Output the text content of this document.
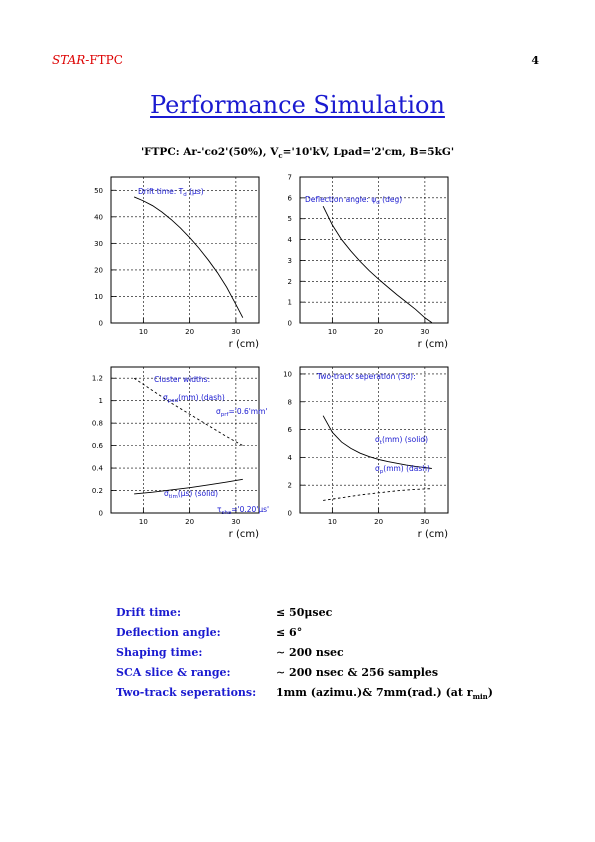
STAR-FTPC	4
Performance Simulation
'FTPC: Ar-'co2'(50%), $V_c='10'kV$, Lpad='2'cm, B=5kG'
10	20	30
0
10
20
30
40
50
r (cm)
Drift time: $T_d$ (μs)
10	20	30
0
1
2
3
4
5
6
7
r (cm)
Deflection angle: $\psi_d$ (deg)
10	20	30
0
0.2
0.4
0.6
0.8
1
1.2
r (cm)
Cluster widths:
$\sigma_{pad}(mm)$ (dash)
$\sigma_{prf}='0.6'mm'$
$\sigma_{tim}(\mu s)$ (solid)
$\tau_{sha}='0.20'\mu s'$
10	20	30
0
2
4
6
8
10
r (cm)
Two-track seperation (3σ):
$\sigma_t(mm)$ (solid)
$\sigma_p(mm)$ (dash)
Drift time:	≤ 50μsec
Deflection angle:	≤ 6°
Shaping time:	∼ 200 nsec
SCA slice & range:	∼ 200 nsec & 256 samples
Two-track seperations: 1mm (azimu.)& 7mm(rad.) (at $r_{min}$)
